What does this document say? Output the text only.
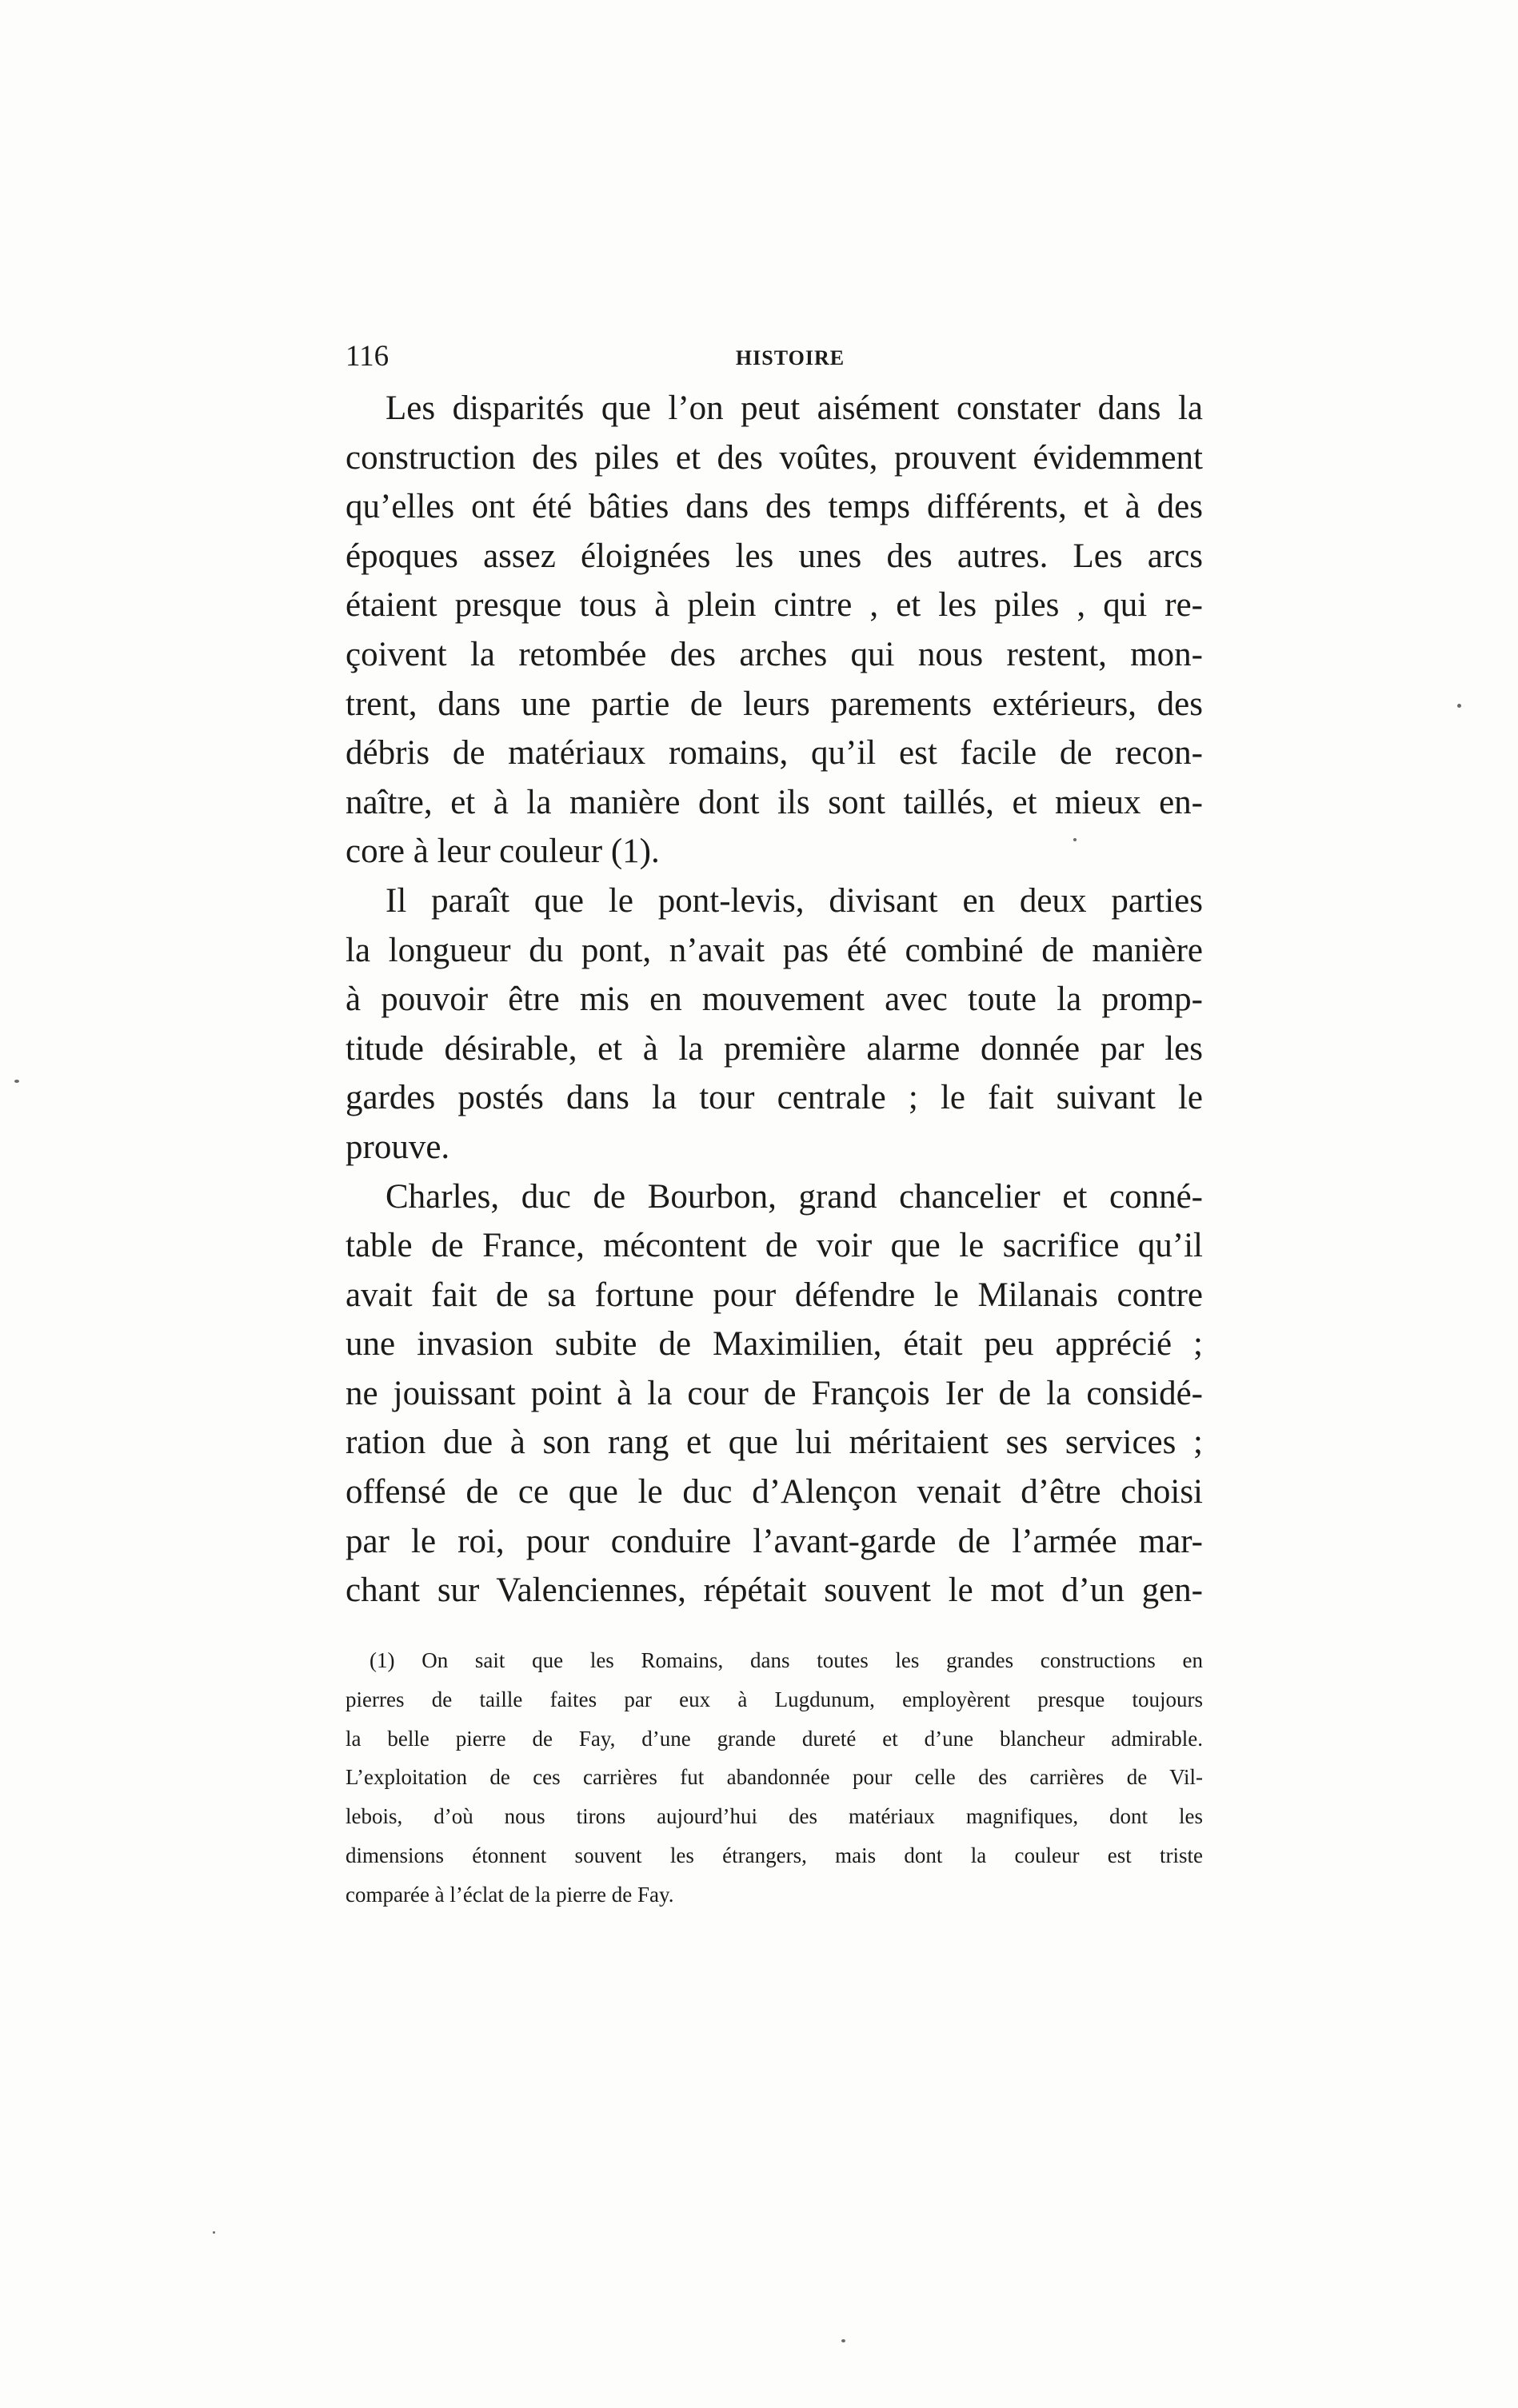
116	HISTOIRE
Les disparités que l’on peut aisément constater dans la
construction des piles et des voûtes, prouvent évidemment
qu’elles ont été bâties dans des temps différents, et à des
époques assez éloignées les unes des autres. Les arcs
étaient presque tous à plein cintre , et les piles , qui re-
çoivent la retombée des arches qui nous restent, mon-
trent, dans une partie de leurs parements extérieurs, des
débris de matériaux romains, qu’il est facile de recon-
naître, et à la manière dont ils sont taillés, et mieux en-
core à leur couleur (1).
Il paraît que le pont-levis, divisant en deux parties
la longueur du pont, n’avait pas été combiné de manière
à pouvoir être mis en mouvement avec toute la promp-
titude désirable, et à la première alarme donnée par les
gardes postés dans la tour centrale ; le fait suivant le
prouve.
Charles, duc de Bourbon, grand chancelier et conné-
table de France, mécontent de voir que le sacrifice qu’il
avait fait de sa fortune pour défendre le Milanais contre
une invasion subite de Maximilien, était peu apprécié ;
ne jouissant point à la cour de François Ier de la considé-
ration due à son rang et que lui méritaient ses services ;
offensé de ce que le duc d’Alençon venait d’être choisi
par le roi, pour conduire l’avant-garde de l’armée mar-
chant sur Valenciennes, répétait souvent le mot d’un gen-
(1) On sait que les Romains, dans toutes les grandes constructions en
pierres de taille faites par eux à Lugdunum, employèrent presque toujours
la belle pierre de Fay, d’une grande dureté et d’une blancheur admirable.
L’exploitation de ces carrières fut abandonnée pour celle des carrières de Vil-
lebois, d’où nous tirons aujourd’hui des matériaux magnifiques, dont les
dimensions étonnent souvent les étrangers, mais dont la couleur est triste
comparée à l’éclat de la pierre de Fay.
